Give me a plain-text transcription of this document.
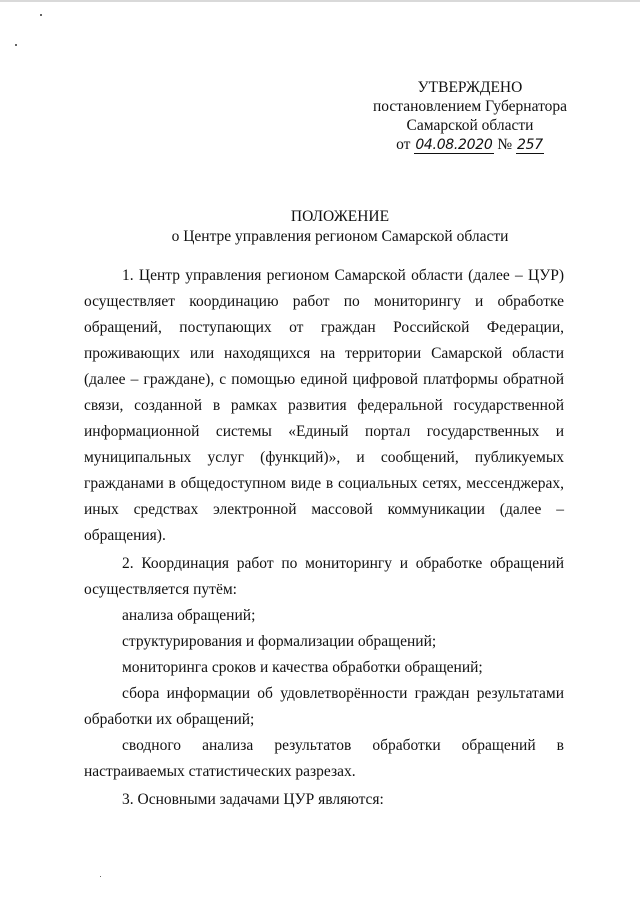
УТВЕРЖДЕНО
постановлением Губернатора
Самарской области
от 04.08.2020 № 257
ПОЛОЖЕНИЕ
о Центре управления регионом Самарской области

1. Центр управления регионом Самарской области (далее – ЦУР) осуществляет координацию работ по мониторингу и обработке обращений, поступающих от граждан Российской Федерации, проживающих или находящихся на территории Самарской области (далее – граждане), с помощью единой цифровой платформы обратной связи, созданной в рамках развития федеральной государственной информационной системы «Единый портал государственных и муниципальных услуг (функций)», и сообщений, публикуемых гражданами в общедоступном виде в социальных сетях, мессенджерах, иных средствах электронной массовой коммуникации (далее – обращения).

2. Координация работ по мониторингу и обработке обращений осуществляется путём:

анализа обращений;

структурирования и формализации обращений;

мониторинга сроков и качества обработки обращений;

сбора информации об удовлетворённости граждан результатами обработки их обращений;

сводного анализа результатов обработки обращений в настраиваемых статистических разрезах.

3. Основными задачами ЦУР являются:
